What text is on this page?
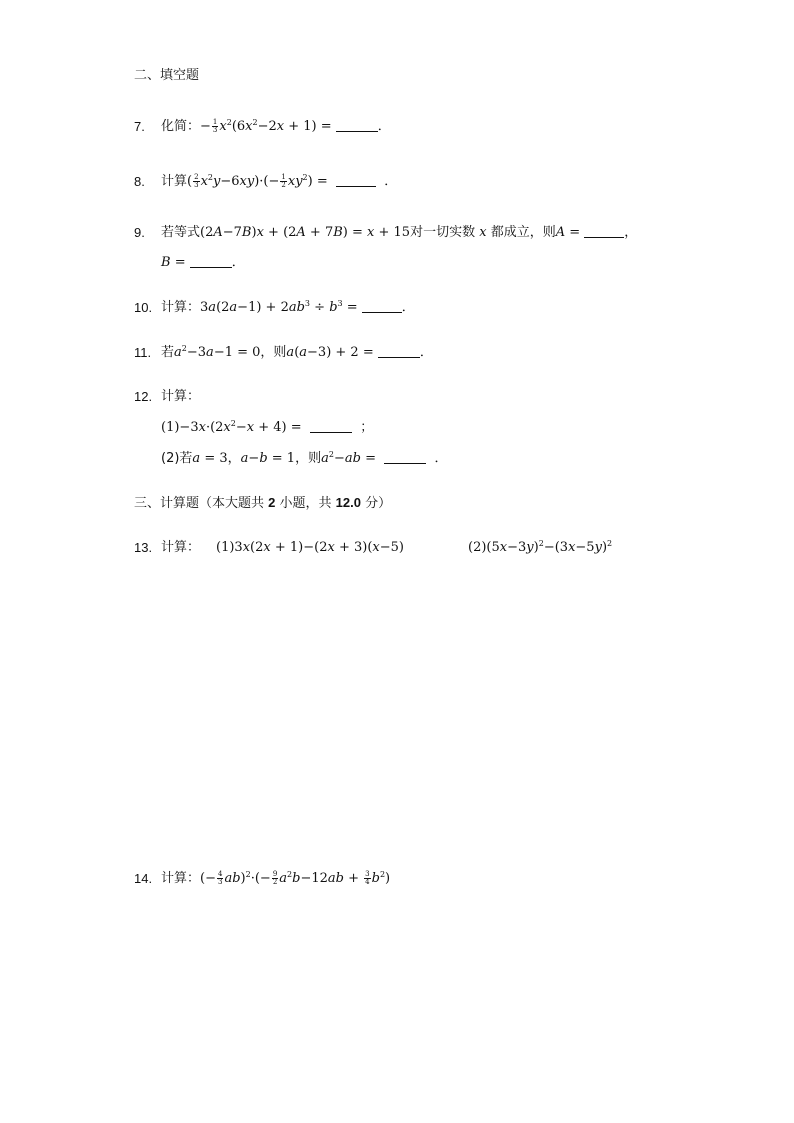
二、填空题
7. 化简：− $\frac{1}{3} x^2(6x^2-2x + 1)$ =	．
8. 计算( $\frac{2}{3} x^2y-6xy)\cdot(- \frac{1}{2} xy^2)$ =	．
9. 若等式(2A−7B)x + (2A + 7B) = x + 15对一切实数 x 都成立，则A =	，
B =	．
10. 计算：$3a(2a-1) + 2ab^3 \div b^3$ =	．
11. 若$a^2-3a-1 = 0$，则a(a−3) + 2 =	．
12. 计算：
$(1)-3x\cdot(2x^2-x + 4)$ =	；
(2)若a = 3，a−b = 1，则$a^2-ab$ =	．
三、计算题（本大题共 2 小题，共 12.0 分）
13. 计算： (1)3x(2x + 1)−(2x + 3)(x−5)	$(2)(5x-3y)^2-(3x-5y)^2$
14. 计算：(− $\frac{4}{3} ab)^2\cdot(- \frac{9}{2} a^2b-12ab + \frac{3}{4} b^2)$
